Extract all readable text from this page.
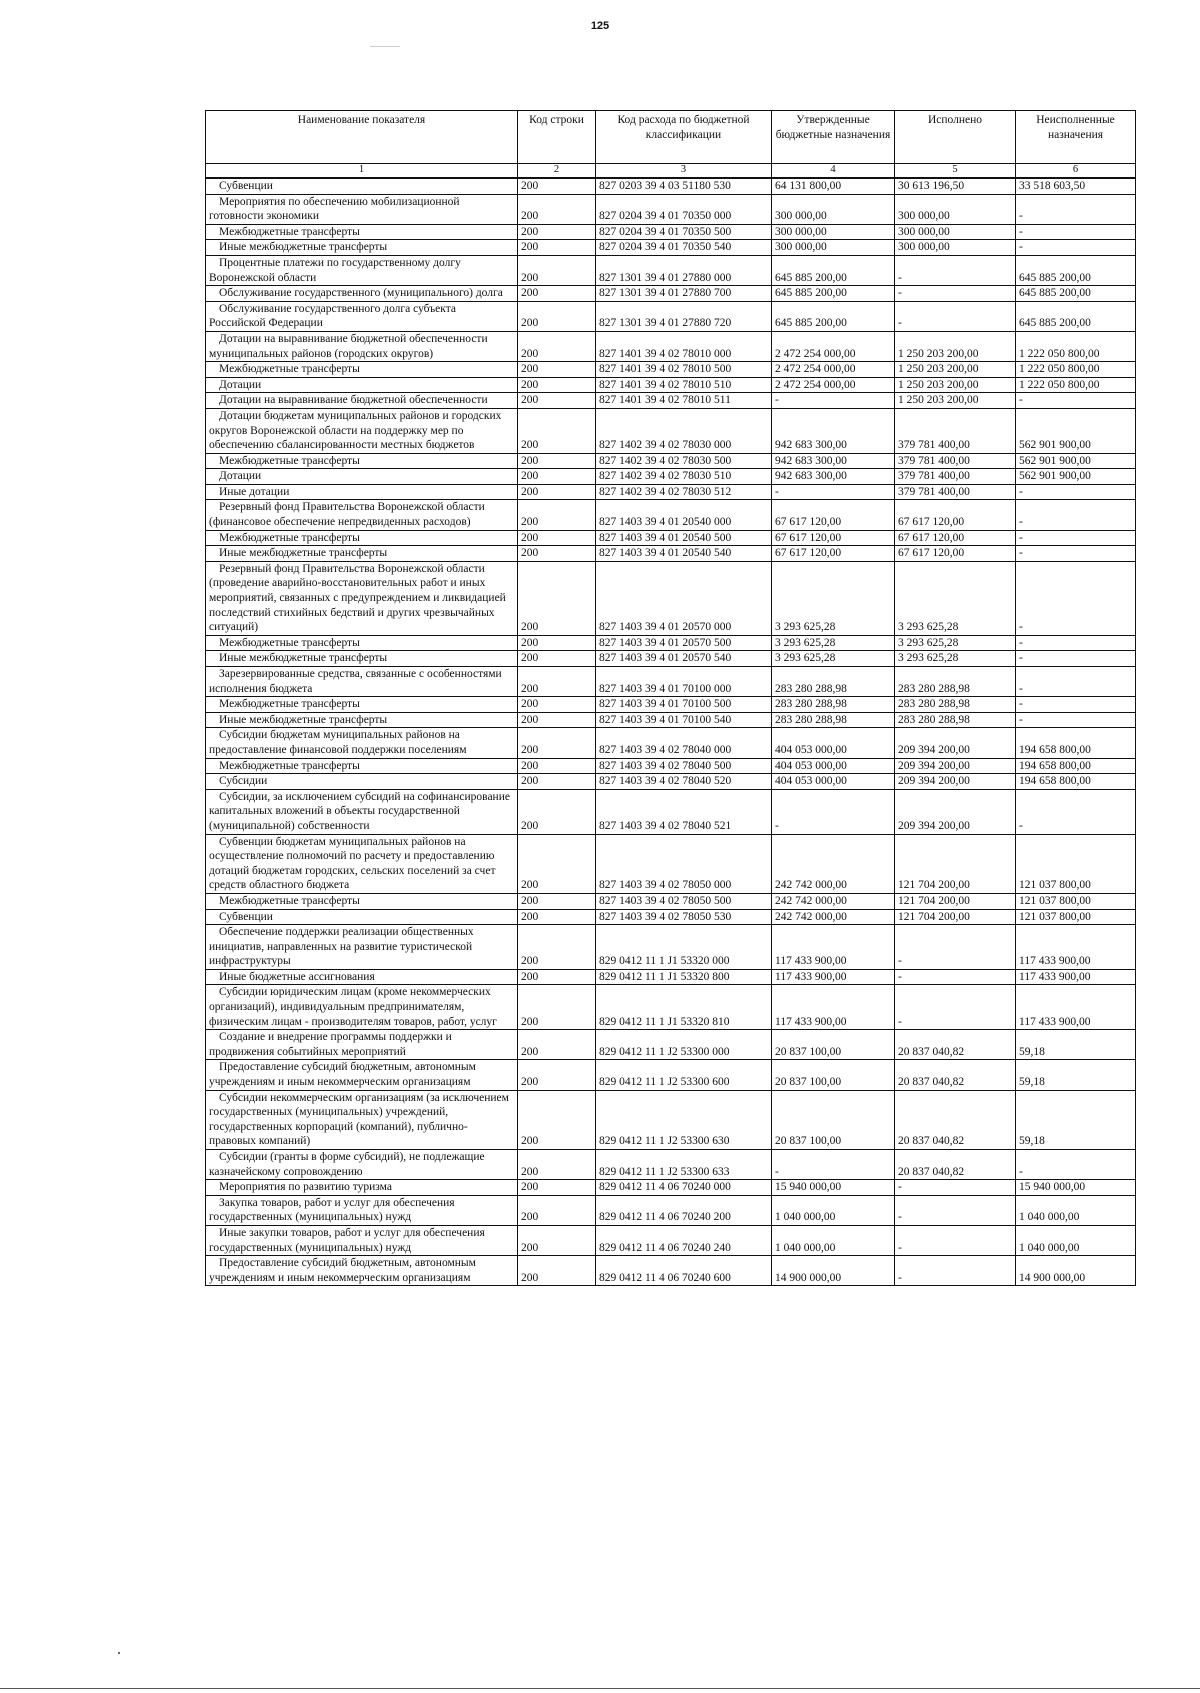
125
Наименование показателя	Код строки	Код расхода по бюджетной классификации	Утвержденные бюджетные назначения	Исполнено	Неисполненные назначения
1	2	3	4	5	6
Субвенции	200	827 0203 39 4 03 51180 530	64 131 800,00	30 613 196,50	33 518 603,50
Мероприятия по обеспечению мобилизационной готовности экономики	200	827 0204 39 4 01 70350 000	300 000,00	300 000,00	-
Межбюджетные трансферты	200	827 0204 39 4 01 70350 500	300 000,00	300 000,00	-
Иные межбюджетные трансферты	200	827 0204 39 4 01 70350 540	300 000,00	300 000,00	-
Процентные платежи по государственному долгу Воронежской области	200	827 1301 39 4 01 27880 000	645 885 200,00	-	645 885 200,00
Обслуживание государственного (муниципального) долга	200	827 1301 39 4 01 27880 700	645 885 200,00	-	645 885 200,00
Обслуживание государственного долга субъекта Российской Федерации	200	827 1301 39 4 01 27880 720	645 885 200,00	-	645 885 200,00
Дотации на выравнивание бюджетной обеспеченности муниципальных районов (городских округов)	200	827 1401 39 4 02 78010 000	2 472 254 000,00	1 250 203 200,00	1 222 050 800,00
Межбюджетные трансферты	200	827 1401 39 4 02 78010 500	2 472 254 000,00	1 250 203 200,00	1 222 050 800,00
Дотации	200	827 1401 39 4 02 78010 510	2 472 254 000,00	1 250 203 200,00	1 222 050 800,00
Дотации на выравнивание бюджетной обеспеченности	200	827 1401 39 4 02 78010 511	-	1 250 203 200,00	-
Дотации бюджетам муниципальных районов и городских округов Воронежской области на поддержку мер по обеспечению сбалансированности местных бюджетов	200	827 1402 39 4 02 78030 000	942 683 300,00	379 781 400,00	562 901 900,00
Межбюджетные трансферты	200	827 1402 39 4 02 78030 500	942 683 300,00	379 781 400,00	562 901 900,00
Дотации	200	827 1402 39 4 02 78030 510	942 683 300,00	379 781 400,00	562 901 900,00
Иные дотации	200	827 1402 39 4 02 78030 512	-	379 781 400,00	-
Резервный фонд Правительства Воронежской области (финансовое обеспечение непредвиденных расходов)	200	827 1403 39 4 01 20540 000	67 617 120,00	67 617 120,00	-
Межбюджетные трансферты	200	827 1403 39 4 01 20540 500	67 617 120,00	67 617 120,00	-
Иные межбюджетные трансферты	200	827 1403 39 4 01 20540 540	67 617 120,00	67 617 120,00	-
Резервный фонд Правительства Воронежской области (проведение аварийно-восстановительных работ и иных мероприятий, связанных с предупреждением и ликвидацией последствий стихийных бедствий и других чрезвычайных ситуаций)	200	827 1403 39 4 01 20570 000	3 293 625,28	3 293 625,28	-
Межбюджетные трансферты	200	827 1403 39 4 01 20570 500	3 293 625,28	3 293 625,28	-
Иные межбюджетные трансферты	200	827 1403 39 4 01 20570 540	3 293 625,28	3 293 625,28	-
Зарезервированные средства, связанные с особенностями исполнения бюджета	200	827 1403 39 4 01 70100 000	283 280 288,98	283 280 288,98	-
Межбюджетные трансферты	200	827 1403 39 4 01 70100 500	283 280 288,98	283 280 288,98	-
Иные межбюджетные трансферты	200	827 1403 39 4 01 70100 540	283 280 288,98	283 280 288,98	-
Субсидии бюджетам муниципальных районов на предоставление финансовой поддержки поселениям	200	827 1403 39 4 02 78040 000	404 053 000,00	209 394 200,00	194 658 800,00
Межбюджетные трансферты	200	827 1403 39 4 02 78040 500	404 053 000,00	209 394 200,00	194 658 800,00
Субсидии	200	827 1403 39 4 02 78040 520	404 053 000,00	209 394 200,00	194 658 800,00
Субсидии, за исключением субсидий на софинансирование капитальных вложений в объекты государственной (муниципальной) собственности	200	827 1403 39 4 02 78040 521	-	209 394 200,00	-
Субвенции бюджетам муниципальных районов на осуществление полномочий по расчету и предоставлению дотаций бюджетам городских, сельских поселений за счет средств областного бюджета	200	827 1403 39 4 02 78050 000	242 742 000,00	121 704 200,00	121 037 800,00
Межбюджетные трансферты	200	827 1403 39 4 02 78050 500	242 742 000,00	121 704 200,00	121 037 800,00
Субвенции	200	827 1403 39 4 02 78050 530	242 742 000,00	121 704 200,00	121 037 800,00
Обеспечение поддержки реализации общественных инициатив, направленных на развитие туристической инфраструктуры	200	829 0412 11 1 J1 53320 000	117 433 900,00	-	117 433 900,00
Иные бюджетные ассигнования	200	829 0412 11 1 J1 53320 800	117 433 900,00	-	117 433 900,00
Субсидии юридическим лицам (кроме некоммерческих организаций), индивидуальным предпринимателям, физическим лицам - производителям товаров, работ, услуг	200	829 0412 11 1 J1 53320 810	117 433 900,00	-	117 433 900,00
Создание и внедрение программы поддержки и продвижения событийных мероприятий	200	829 0412 11 1 J2 53300 000	20 837 100,00	20 837 040,82	59,18
Предоставление субсидий бюджетным, автономным учреждениям и иным некоммерческим организациям	200	829 0412 11 1 J2 53300 600	20 837 100,00	20 837 040,82	59,18
Субсидии некоммерческим организациям (за исключением государственных (муниципальных) учреждений, государственных корпораций (компаний), публично-правовых компаний)	200	829 0412 11 1 J2 53300 630	20 837 100,00	20 837 040,82	59,18
Субсидии (гранты в форме субсидий), не подлежащие казначейскому сопровождению	200	829 0412 11 1 J2 53300 633	-	20 837 040,82	-
Мероприятия по развитию туризма	200	829 0412 11 4 06 70240 000	15 940 000,00	-	15 940 000,00
Закупка товаров, работ и услуг для обеспечения государственных (муниципальных) нужд	200	829 0412 11 4 06 70240 200	1 040 000,00	-	1 040 000,00
Иные закупки товаров, работ и услуг для обеспечения государственных (муниципальных) нужд	200	829 0412 11 4 06 70240 240	1 040 000,00	-	1 040 000,00
Предоставление субсидий бюджетным, автономным учреждениям и иным некоммерческим организациям	200	829 0412 11 4 06 70240 600	14 900 000,00	-	14 900 000,00
